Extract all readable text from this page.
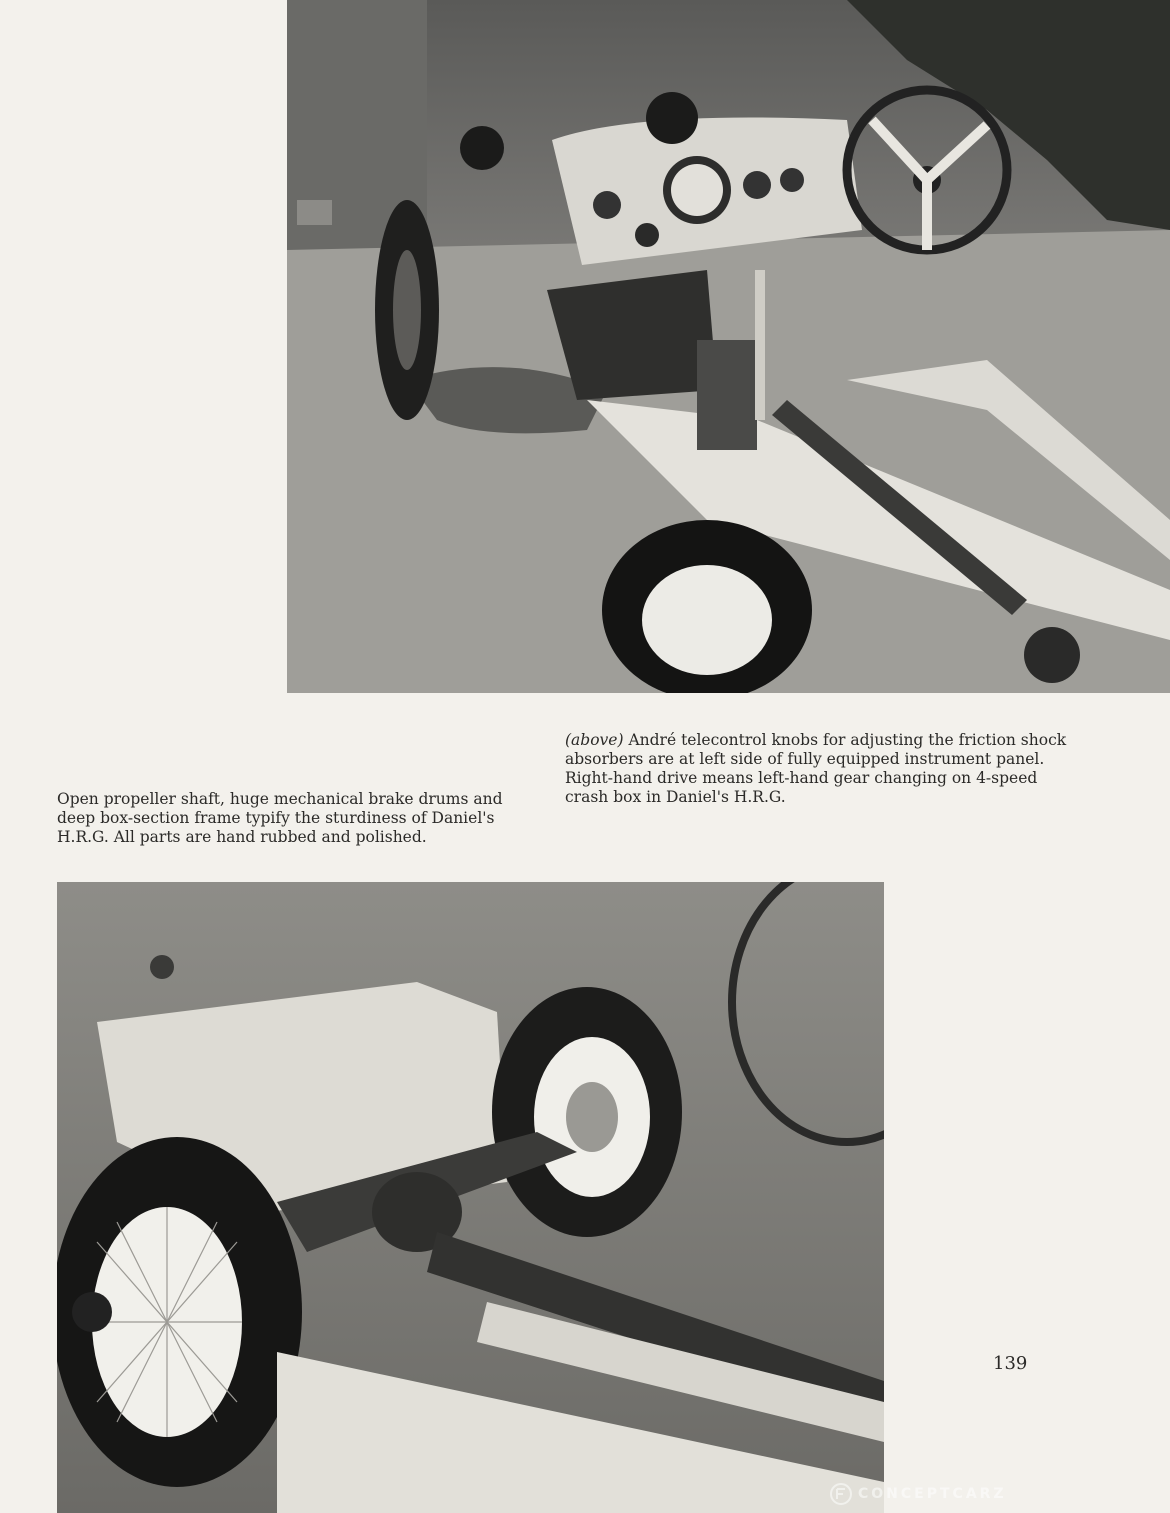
(above) André telecontrol knobs for adjusting the friction shock
absorbers are at left side of fully equipped instrument panel.
Right-hand drive means left-hand gear changing on 4-speed
crash box in Daniel's H.R.G.
Open propeller shaft, huge mechanical brake drums and
deep box-section frame typify the sturdiness of Daniel's
H.R.G. All parts are hand rubbed and polished.
139
CONCEPTCARZ
